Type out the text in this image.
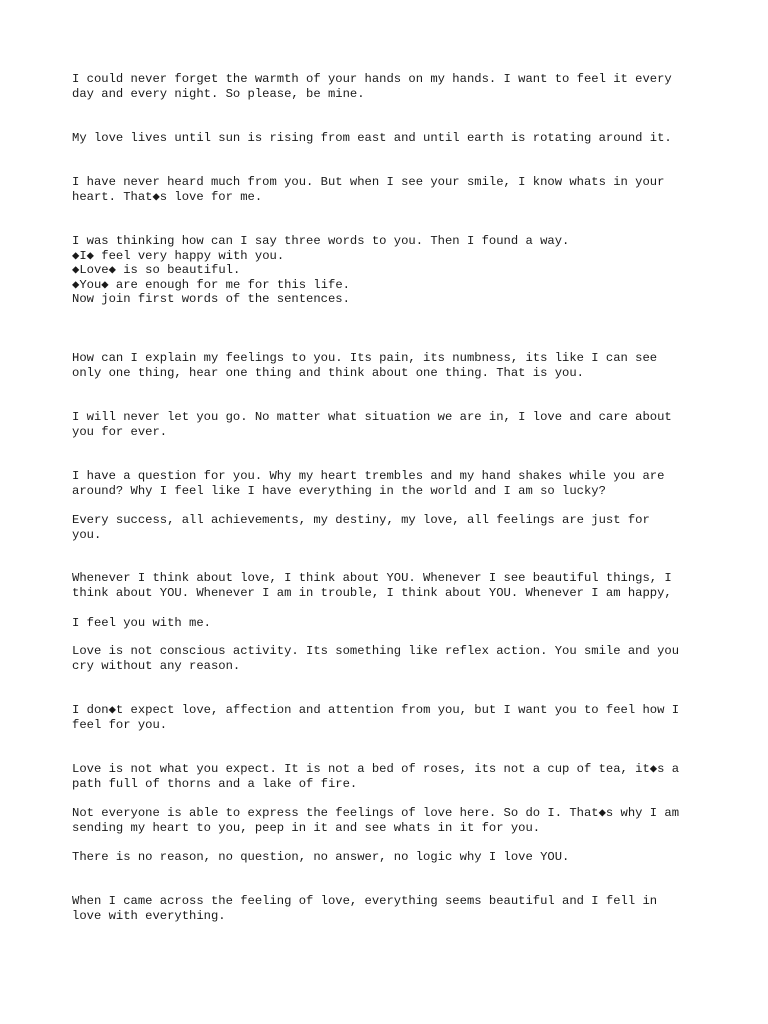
I could never forget the warmth of your hands on my hands. I want to feel it every
day and every night. So please, be mine.

My love lives until sun is rising from east and until earth is rotating around it.

I have never heard much from you. But when I see your smile, I know whats in your
heart. That◆s love for me.

I was thinking how can I say three words to you. Then I found a way.
◆I◆ feel very happy with you.
◆Love◆ is so beautiful.
◆You◆ are enough for me for this life.
Now join first words of the sentences.

How can I explain my feelings to you. Its pain, its numbness, its like I can see
only one thing, hear one thing and think about one thing. That is you.

I will never let you go. No matter what situation we are in, I love and care about
you for ever.

I have a question for you. Why my heart trembles and my hand shakes while you are
around? Why I feel like I have everything in the world and I am so lucky?

Every success, all achievements, my destiny, my love, all feelings are just for
you.

Whenever I think about love, I think about YOU. Whenever I see beautiful things, I
think about YOU. Whenever I am in trouble, I think about YOU. Whenever I am happy,

I feel you with me.

Love is not conscious activity. Its something like reflex action. You smile and you
cry without any reason.

I don◆t expect love, affection and attention from you, but I want you to feel how I
feel for you.

Love is not what you expect. It is not a bed of roses, its not a cup of tea, it◆s a
path full of thorns and a lake of fire.

Not everyone is able to express the feelings of love here. So do I. That◆s why I am
sending my heart to you, peep in it and see whats in it for you.

There is no reason, no question, no answer, no logic why I love YOU.

When I came across the feeling of love, everything seems beautiful and I fell in
love with everything.
